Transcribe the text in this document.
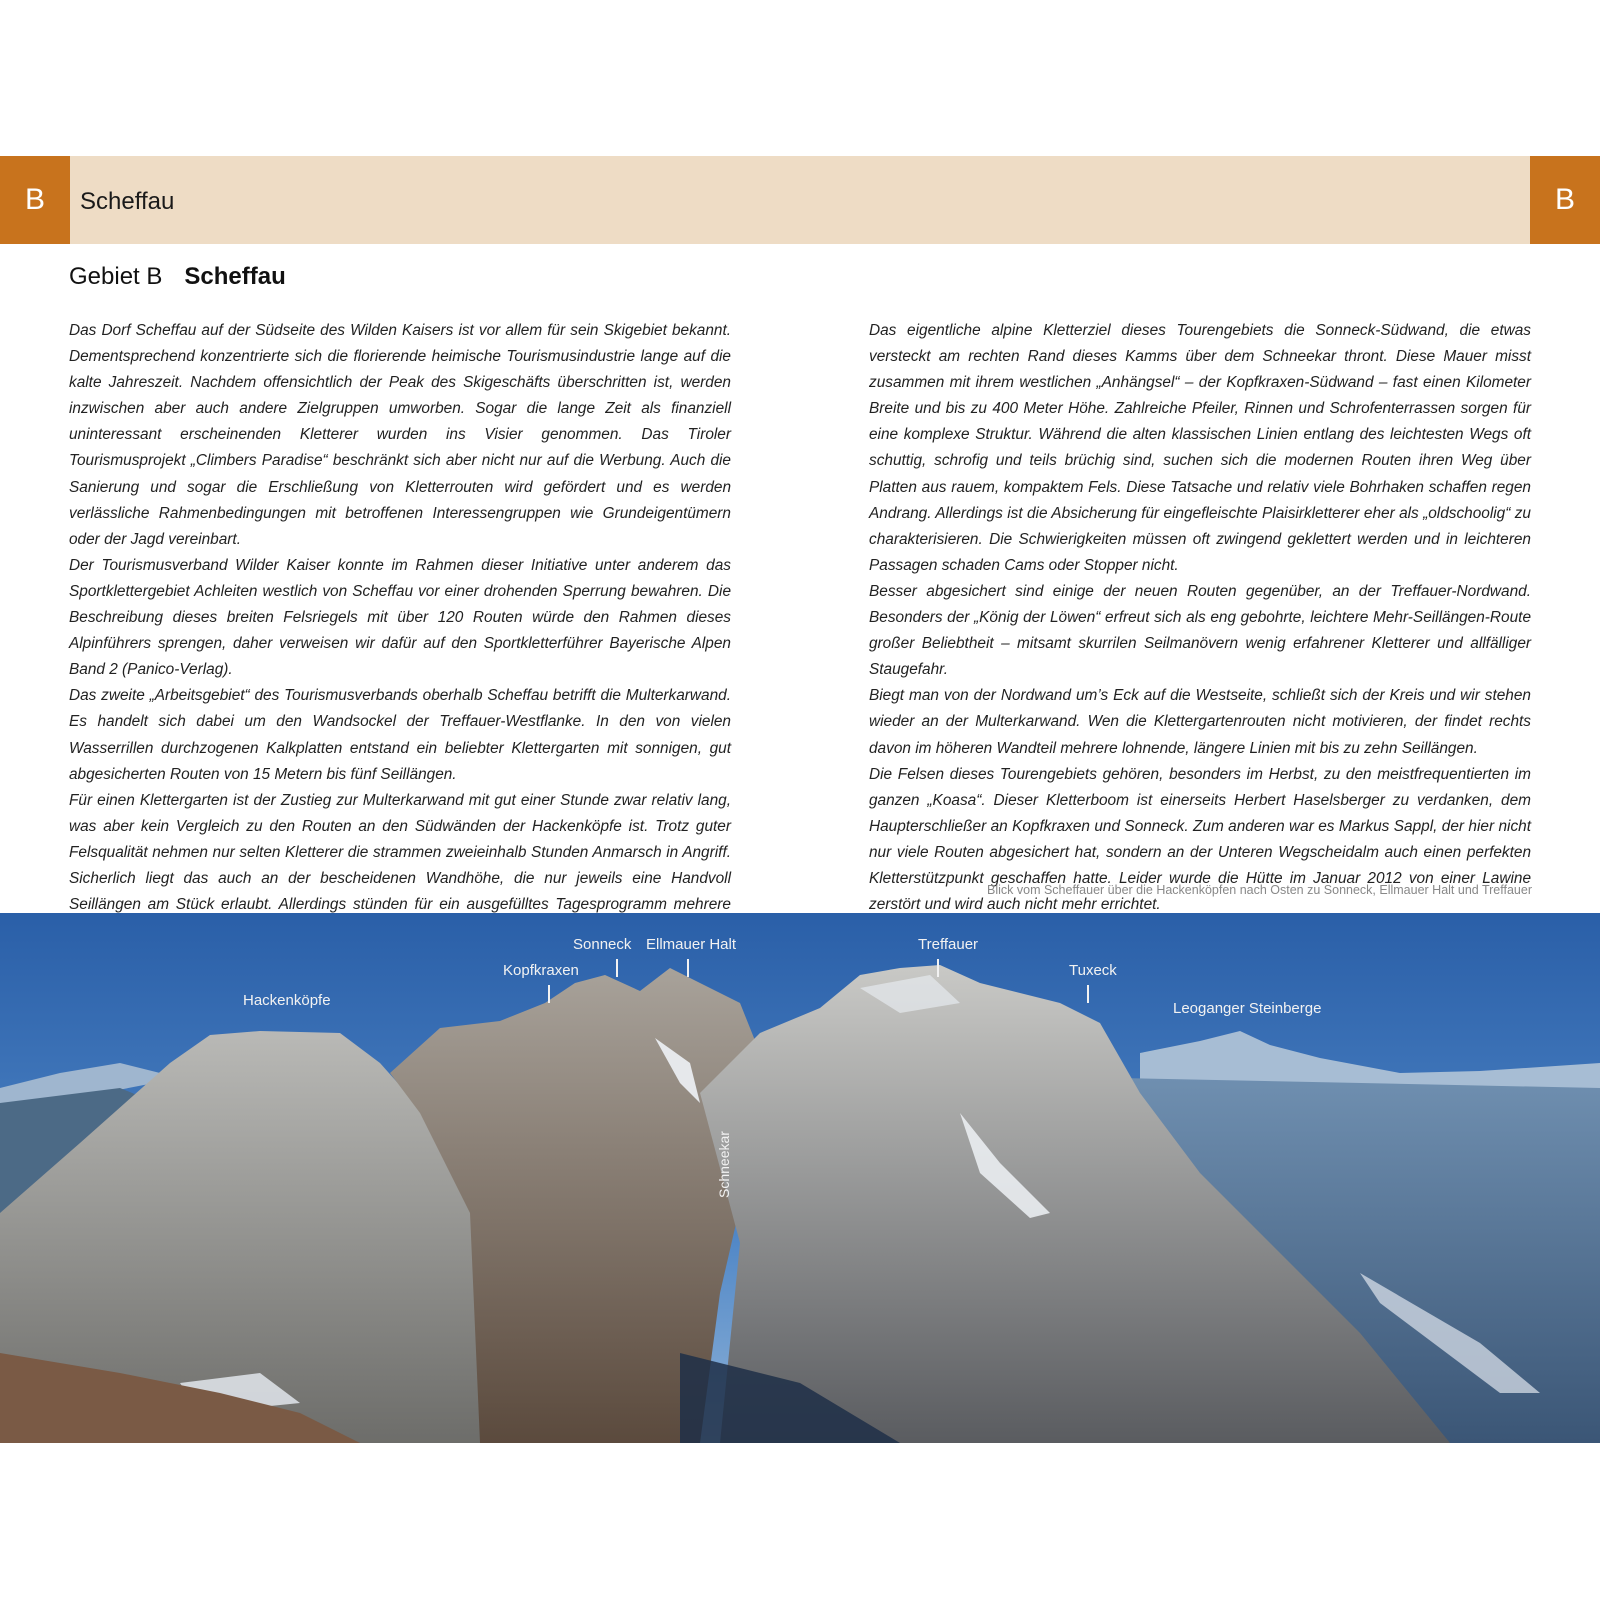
B	B
Scheffau
Gebiet B Scheffau

Das Dorf Scheffau auf der Südseite des Wilden Kaisers ist vor allem für sein Skigebiet bekannt. Dementsprechend konzentrierte sich die florierende heimische Tourismusindustrie lange auf die kalte Jahreszeit. Nachdem offensichtlich der Peak des Skigeschäfts überschritten ist, werden inzwischen aber auch andere Zielgruppen umworben. Sogar die lange Zeit als finanziell uninteressant erscheinenden Kletterer wurden ins Visier genommen. Das Tiroler Tourismusprojekt „Climbers Paradise“ beschränkt sich aber nicht nur auf die Werbung. Auch die Sanierung und sogar die Erschließung von Kletterrouten wird gefördert und es werden verlässliche Rahmenbedingungen mit betroffenen Interessengruppen wie Grundeigentümern oder der Jagd vereinbart.

Der Tourismusverband Wilder Kaiser konnte im Rahmen dieser Initiative unter anderem das Sportklettergebiet Achleiten westlich von Scheffau vor einer drohenden Sperrung bewahren. Die Beschreibung dieses breiten Felsriegels mit über 120 Routen würde den Rahmen dieses Alpinführers sprengen, daher verweisen wir dafür auf den Sportkletterführer Bayerische Alpen Band 2 (Panico-Verlag).

Das zweite „Arbeitsgebiet“ des Tourismusverbands oberhalb Scheffau betrifft die Multerkarwand. Es handelt sich dabei um den Wandsockel der Treffauer-Westflanke. In den von vielen Wasserrillen durchzogenen Kalkplatten entstand ein beliebter Klettergarten mit sonnigen, gut abgesicherten Routen von 15 Metern bis fünf Seillängen.

Für einen Klettergarten ist der Zustieg zur Multerkarwand mit gut einer Stunde zwar relativ lang, was aber kein Vergleich zu den Routen an den Südwänden der Hackenköpfe ist. Trotz guter Felsqualität nehmen nur selten Kletterer die strammen zweieinhalb Stunden Anmarsch in Angriff. Sicherlich liegt das auch an der bescheidenen Wandhöhe, die nur jeweils eine Handvoll Seillängen am Stück erlaubt. Allerdings stünden für ein ausgefülltes Tagesprogramm mehrere

Das eigentliche alpine Kletterziel dieses Tourengebiets die Sonneck-Südwand, die etwas versteckt am rechten Rand dieses Kamms über dem Schneekar thront. Diese Mauer misst zusammen mit ihrem westlichen „Anhängsel“ – der Kopfkraxen-Südwand – fast einen Kilometer Breite und bis zu 400 Meter Höhe. Zahlreiche Pfeiler, Rinnen und Schrofenterrassen sorgen für eine komplexe Struktur. Während die alten klassischen Linien entlang des leichtesten Wegs oft schuttig, schrofig und teils brüchig sind, suchen sich die modernen Routen ihren Weg über Platten aus rauem, kompaktem Fels. Diese Tatsache und relativ viele Bohrhaken schaffen regen Andrang. Allerdings ist die Absicherung für eingefleischte Plaisirkletterer eher als „oldschoolig“ zu charakterisieren. Die Schwierigkeiten müssen oft zwingend geklettert werden und in leichteren Passagen schaden Cams oder Stopper nicht.

Besser abgesichert sind einige der neuen Routen gegenüber, an der Treffauer-Nordwand. Besonders der „König der Löwen“ erfreut sich als eng gebohrte, leichtere Mehr-Seillängen-Route großer Beliebtheit – mitsamt skurrilen Seilmanövern wenig erfahrener Kletterer und allfälliger Staugefahr.

Biegt man von der Nordwand um’s Eck auf die Westseite, schließt sich der Kreis und wir stehen wieder an der Multerkarwand. Wen die Klettergartenrouten nicht motivieren, der findet rechts davon im höheren Wandteil mehrere lohnende, längere Linien mit bis zu zehn Seillängen.

Die Felsen dieses Tourengebiets gehören, besonders im Herbst, zu den meistfrequentierten im ganzen „Koasa“. Dieser Kletterboom ist einerseits Herbert Haselsberger zu verdanken, dem Haupterschließer an Kopfkraxen und Sonneck. Zum anderen war es Markus Sappl, der hier nicht nur viele Routen abgesichert hat, sondern an der Unteren Wegscheidalm auch einen perfekten Kletterstützpunkt geschaffen hatte. Leider wurde die Hütte im Januar 2012 von einer Lawine zerstört und wird auch nicht mehr errichtet.

Blick vom Scheffauer über die Hackenköpfen nach Osten zu Sonneck, Ellmauer Halt und Treffauer
Hackenköpfe
Kopfkraxen
Sonneck Ellmauer Halt	Treffauer
Tuxeck
Leoganger Steinberge
Schneekar
